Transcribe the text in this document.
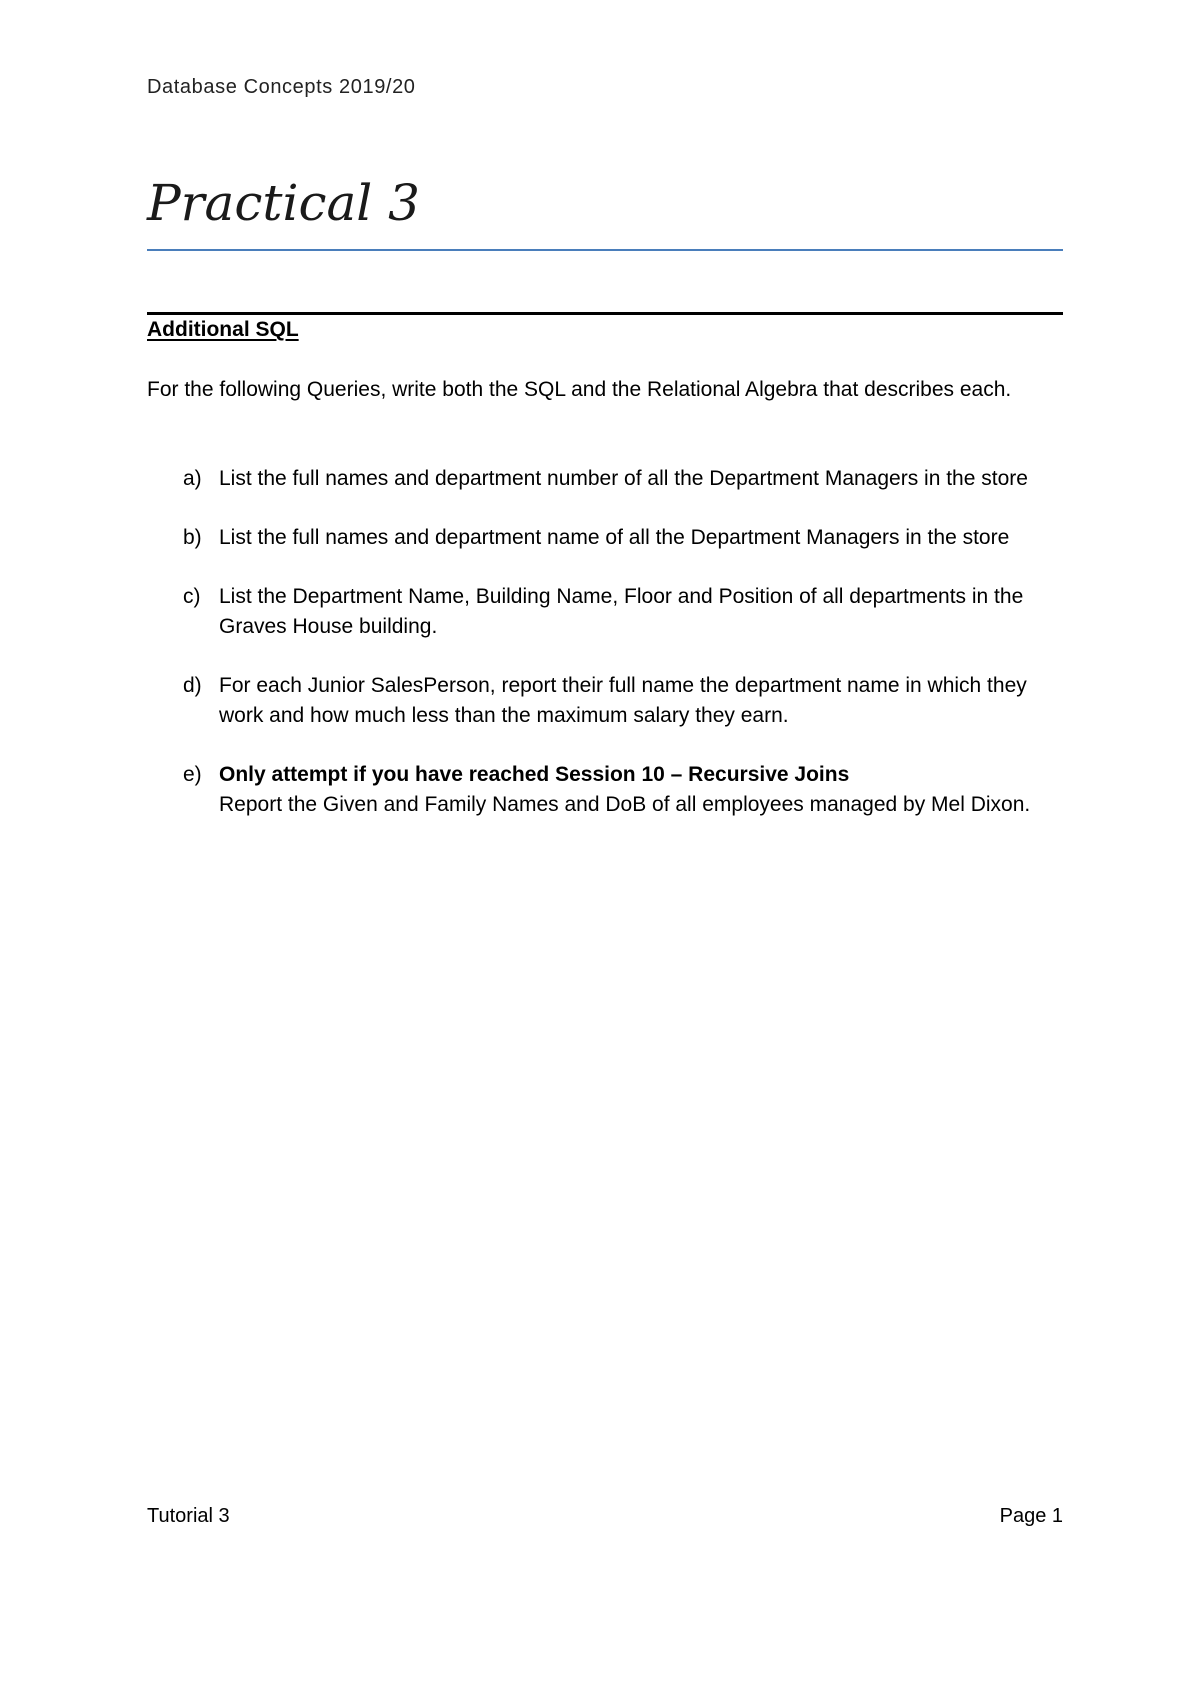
Database Concepts 2019/20
Practical 3
Additional SQL
For the following Queries, write both the SQL and the Relational Algebra that describes each.
a) List the full names and department number of all the Department Managers in the store
b) List the full names and department name of all the Department Managers in the store
c) List the Department Name, Building Name, Floor and Position of all departments in the Graves House building.
d) For each Junior SalesPerson, report their full name the department name in which they work and how much less than the maximum salary they earn.
e) Only attempt if you have reached Session 10 – Recursive Joins
Report the Given and Family Names and DoB of all employees managed by Mel Dixon.
Tutorial 3	Page 1
